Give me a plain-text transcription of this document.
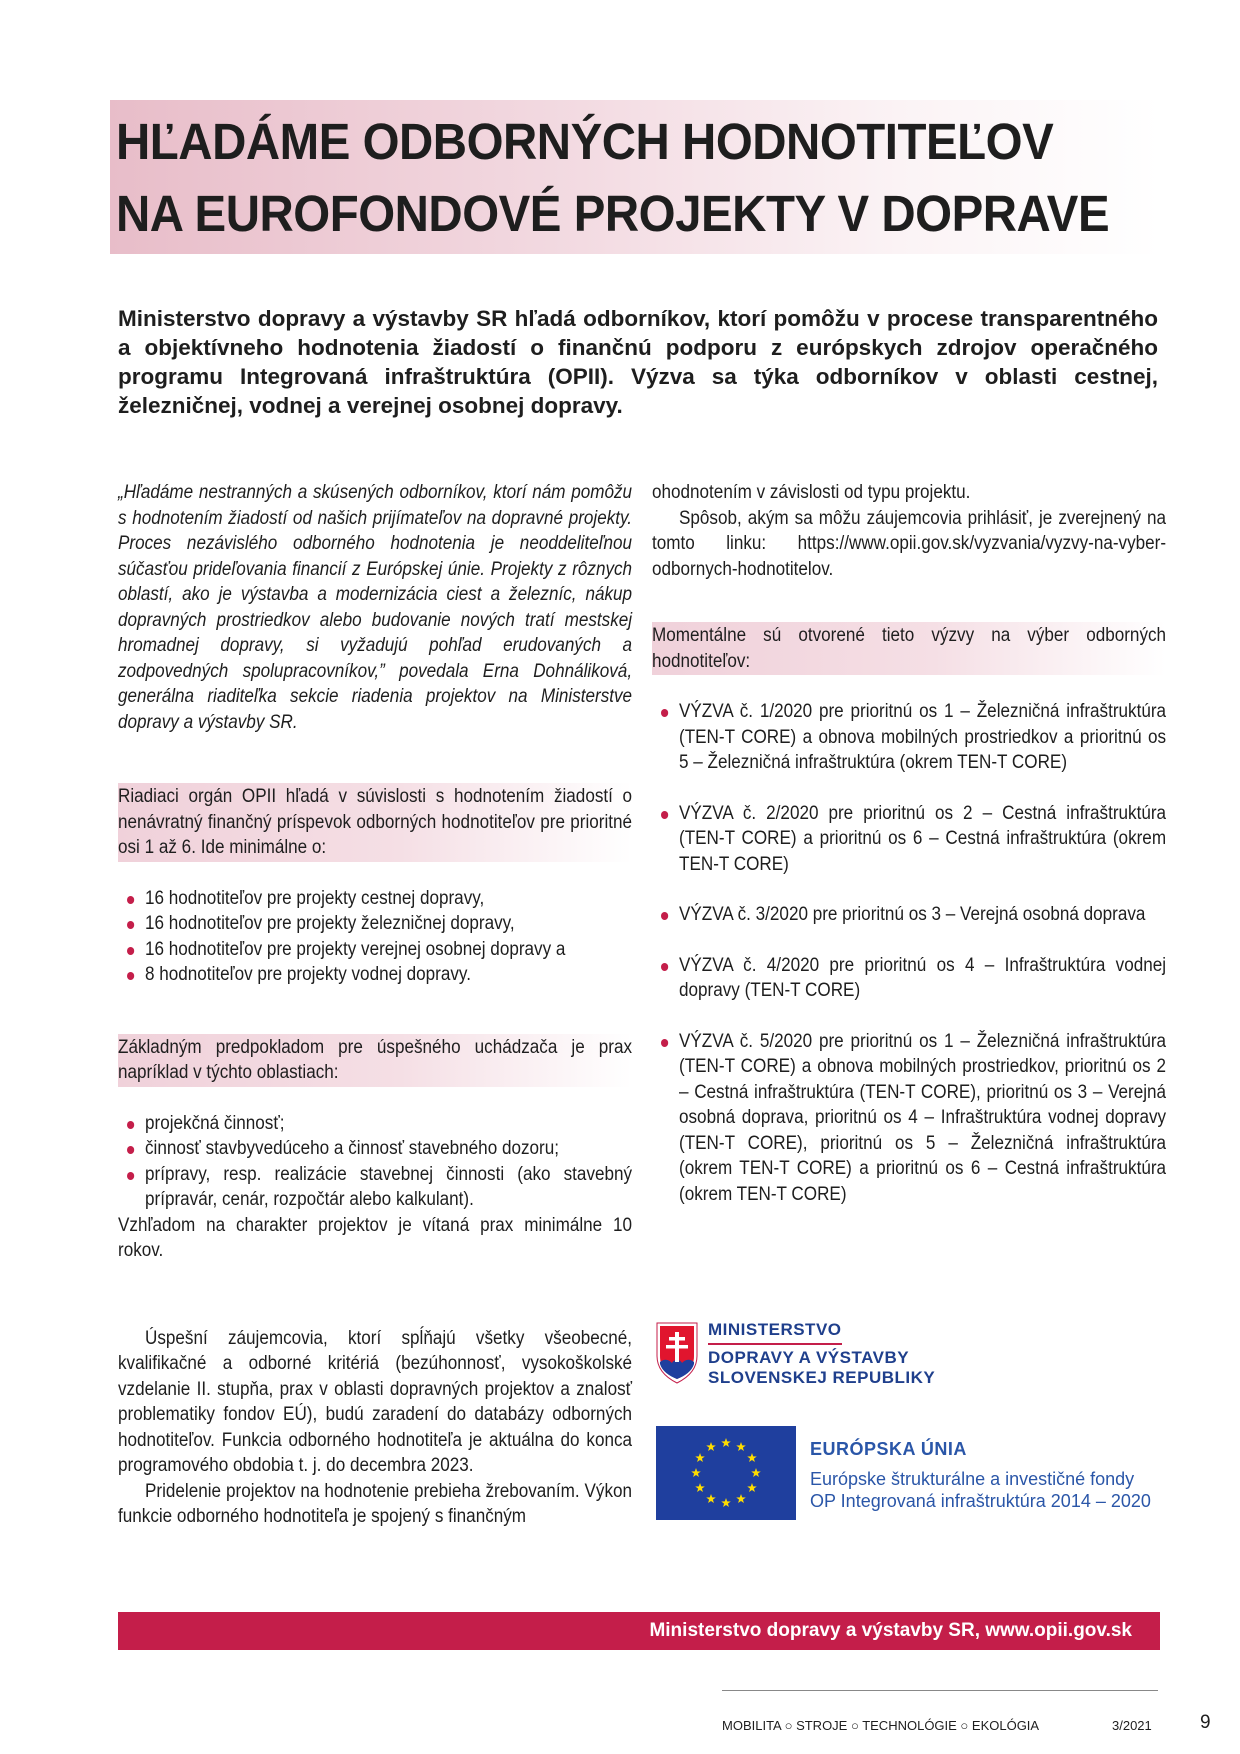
HĽADÁME ODBORNÝCH HODNOTITEĽOV
NA EUROFONDOVÉ PROJEKTY V DOPRAVE
Ministerstvo dopravy a výstavby SR hľadá odborníkov, ktorí pomôžu v procese transparentného a objektívneho hodnotenia žiadostí o finančnú podporu z európskych zdrojov operačného programu Integrovaná infraštruktúra (OPII). Výzva sa týka odborníkov v oblasti cestnej, železničnej, vodnej a verejnej osobnej dopravy.
„Hľadáme nestranných a skúsených odborníkov, ktorí nám pomôžu s hodnotením žiadostí od našich prijímateľov na dopravné projekty. Proces nezávislého odborného hodnotenia je neoddeliteľnou súčasťou prideľovania financií z Európskej únie. Projekty z rôznych oblastí, ako je výstavba a modernizácia ciest a železníc, nákup dopravných prostriedkov alebo budovanie nových tratí mestskej hromadnej dopravy, si vyžadujú pohľad erudovaných a zodpovedných spolupracovníkov,” povedala Erna Dohnáliková, generálna riaditeľka sekcie riadenia projektov na Ministerstve dopravy a výstavby SR.

Riadiaci orgán OPII hľadá v súvislosti s hodnotením žiadostí o nenávratný finančný príspevok odborných hodnotiteľov pre prioritné osi 1 až 6. Ide minimálne o:

16 hodnotiteľov pre projekty cestnej dopravy,
16 hodnotiteľov pre projekty železničnej dopravy,
16 hodnotiteľov pre projekty verejnej osobnej dopravy a
8 hodnotiteľov pre projekty vodnej dopravy.

Základným predpokladom pre úspešného uchádzača je prax napríklad v týchto oblastiach:

projekčná činnosť;
činnosť stavbyvedúceho a činnosť stavebného dozoru;
prípravy, resp. realizácie stavebnej činnosti (ako stavebný prípravár, cenár, rozpočtár alebo kalkulant).
Vzhľadom na charakter projektov je vítaná prax minimálne 10 rokov.
Úspešní záujemcovia, ktorí spĺňajú všetky všeobecné, kvalifikačné a odborné kritériá (bezúhonnosť, vysokoškolské vzdelanie II. stupňa, prax v oblasti dopravných projektov a znalosť problematiky fondov EÚ), budú zaradení do databázy odborných hodnotiteľov. Funkcia odborného hodnotiteľa je aktuálna do konca programového obdobia t. j. do decembra 2023.
Pridelenie projektov na hodnotenie prebieha žrebovaním. Výkon funkcie odborného hodnotiteľa je spojený s finančným
ohodnotením v závislosti od typu projektu.
Spôsob, akým sa môžu záujemcovia prihlásiť, je zverejnený na tomto linku: https://www.opii.gov.sk/vyzvania/vyzvy-na-vyber-odbornych-hodnotitelov.

Momentálne sú otvorené tieto výzvy na výber odborných hodnotiteľov:

VÝZVA č. 1/2020 pre prioritnú os 1 – Železničná infraštruktúra (TEN-T CORE) a obnova mobilných prostriedkov a prioritnú os 5 – Železničná infraštruktúra (okrem TEN-T CORE)
VÝZVA č. 2/2020 pre prioritnú os 2 – Cestná infraštruktúra (TEN-T CORE) a prioritnú os 6 – Cestná infraštruktúra (okrem TEN-T CORE)
VÝZVA č. 3/2020 pre prioritnú os 3 – Verejná osobná doprava
VÝZVA č. 4/2020 pre prioritnú os 4 – Infraštruktúra vodnej dopravy (TEN-T CORE)
VÝZVA č. 5/2020 pre prioritnú os 1 – Železničná infraštruktúra (TEN-T CORE) a obnova mobilných prostriedkov, prioritnú os 2 – Cestná infraštruktúra (TEN-T CORE), prioritnú os 3 – Verejná osobná doprava, prioritnú os 4 – Infraštruktúra vodnej dopravy (TEN-T CORE), prioritnú os 5 – Železničná infraštruktúra (okrem TEN-T CORE) a prioritnú os 6 – Cestná infraštruktúra (okrem TEN-T CORE)
MINISTERSTVO
DOPRAVY A VÝSTAVBY
SLOVENSKEJ REPUBLIKY
EURÓPSKA ÚNIA
Európske štrukturálne a investičné fondy
OP Integrovaná infraštruktúra 2014 – 2020
Ministerstvo dopravy a výstavby SR, www.opii.gov.sk
MOBILITA ○ STROJE ○ TECHNOLÓGIE ○ EKOLÓGIA	3/2021	9
